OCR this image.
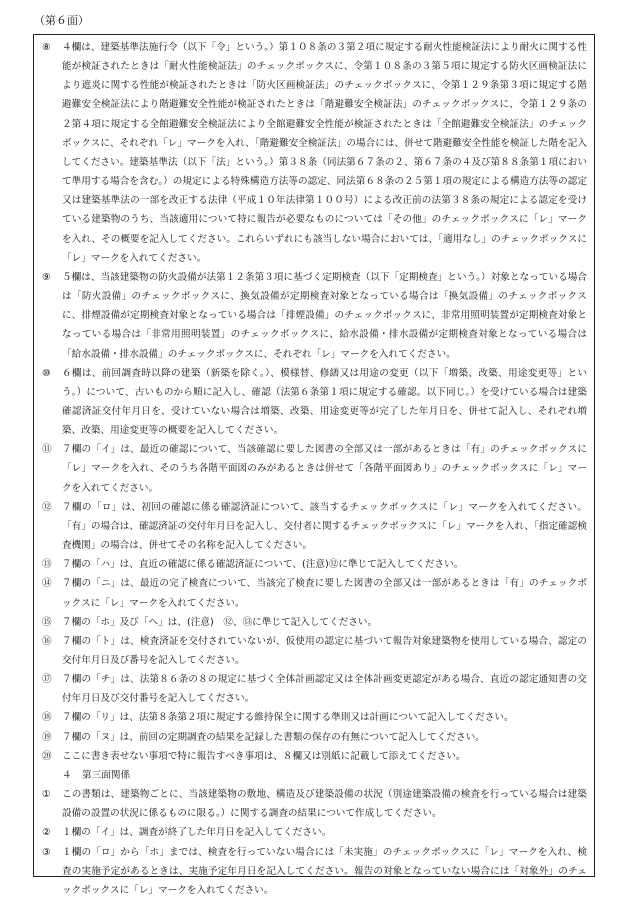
（第６面）
⑧	４欄は、建築基準法施行令（以下「令」という。）第１０８条の３第２項に規定する耐火性能検証法により耐火に関する性能が検証されたときは「耐火性能検証法」のチェックボックスに、令第１０８条の３第５項に規定する防火区画検証法により遮炎に関する性能が検証されたときは「防火区画検証法」のチェックボックスに、令第１２９条第３項に規定する階避難安全検証法により階避難安全性能が検証されたときは「階避難安全検証法」のチェックボックスに、令第１２９条の２第４項に規定する全館避難安全検証法により全館避難安全性能が検証されたときは「全館避難安全検証法」のチェックボックスに、それぞれ「レ」マークを入れ、「階避難安全検証法」の場合には、併せて階避難安全性能を検証した階を記入してください。建築基準法（以下「法」という。）第３８条（同法第６７条の２、第６７条の４及び第８８条第１項において準用する場合を含む。）の規定による特殊構造方法等の認定、同法第６８条の２５第１項の規定による構造方法等の認定又は建築基準法の一部を改正する法律（平成１０年法律第１００号）による改正前の法第３８条の規定による認定を受けている建築物のうち、当該適用について特に報告が必要なものについては「その他」のチェックボックスに「レ」マークを入れ、その概要を記入してください。これらいずれにも該当しない場合においては、「適用なし」のチェックボックスに「レ」マークを入れてください。
⑨	５欄は、当該建築物の防火設備が法第１２条第３項に基づく定期検査（以下「定期検査」という。）対象となっている場合は「防火設備」のチェックボックスに、換気設備が定期検査対象となっている場合は「換気設備」のチェックボックスに、排煙設備が定期検査対象となっている場合は「排煙設備」のチェックボックスに、非常用照明装置が定期検査対象となっている場合は「非常用照明装置」のチェックボックスに、給水設備・排水設備が定期検査対象となっている場合は「給水設備・排水設備」のチェックボックスに、それぞれ「レ」マークを入れてください。
⑩	６欄は、前回調査時以降の建築（新築を除く。）、模様替、修繕又は用途の変更（以下「増築、改築、用途変更等」という。）について、古いものから順に記入し、確認（法第６条第１項に規定する確認。以下同じ。）を受けている場合は建築確認済証交付年月日を、受けていない場合は増築、改築、用途変更等が完了した年月日を、併せて記入し、それぞれ増築、改築、用途変更等の概要を記入してください。
⑪	７欄の「イ」は、最近の確認について、当該確認に要した図書の全部又は一部があるときは「有」のチェックボックスに「レ」マークを入れ、そのうち各階平面図のみがあるときは併せて「各階平面図あり」のチェックボックスに「レ」マークを入れてください。
⑫	７欄の「ロ」は、初回の確認に係る確認済証について、該当するチェックボックスに「レ」マークを入れてください。「有」の場合は、確認済証の交付年月日を記入し、交付者に関するチェックボックスに「レ」マークを入れ、「指定確認検査機関」の場合は、併せてその名称を記入してください。
⑬	７欄の「ハ」は、直近の確認に係る確認済証について、(注意)⑫に準じて記入してください。
⑭	７欄の「ニ」は、最近の完了検査について、当該完了検査に要した図書の全部又は一部があるときは「有」のチェックボックスに「レ」マークを入れてください。
⑮	７欄の「ホ」及び「ヘ」は、(注意)　⑫、⑬に準じて記入してください。
⑯	７欄の「ト」は、検査済証を交付されていないが、仮使用の認定に基づいて報告対象建築物を使用している場合、認定の交付年月日及び番号を記入してください。
⑰	７欄の「チ」は、法第８６条の８の規定に基づく全体計画認定又は全体計画変更認定がある場合、直近の認定通知書の交付年月日及び交付番号を記入してください。
⑱	７欄の「リ」は、法第８条第２項に規定する維持保全に関する準則又は計画について記入してください。
⑲	７欄の「ヌ」は、前回の定期調査の結果を記録した書類の保存の有無について記入してください。
⑳	ここに書き表せない事項で特に報告すべき事項は、８欄又は別紙に記載して添えてください。
４	第三面関係
①	この書類は、建築物ごとに、当該建築物の敷地、構造及び建築設備の状況（別途建築設備の検査を行っている場合は建築設備の設置の状況に係るものに限る。）に関する調査の結果について作成してください。
②	１欄の「イ」は、調査が終了した年月日を記入してください。
③	１欄の「ロ」から「ホ」までは、検査を行っていない場合には「未実施」のチェックボックスに「レ」マークを入れ、検査の実施予定があるときは、実施予定年月日を記入してください。報告の対象となっていない場合には「対象外」のチェックボックスに「レ」マークを入れてください。
